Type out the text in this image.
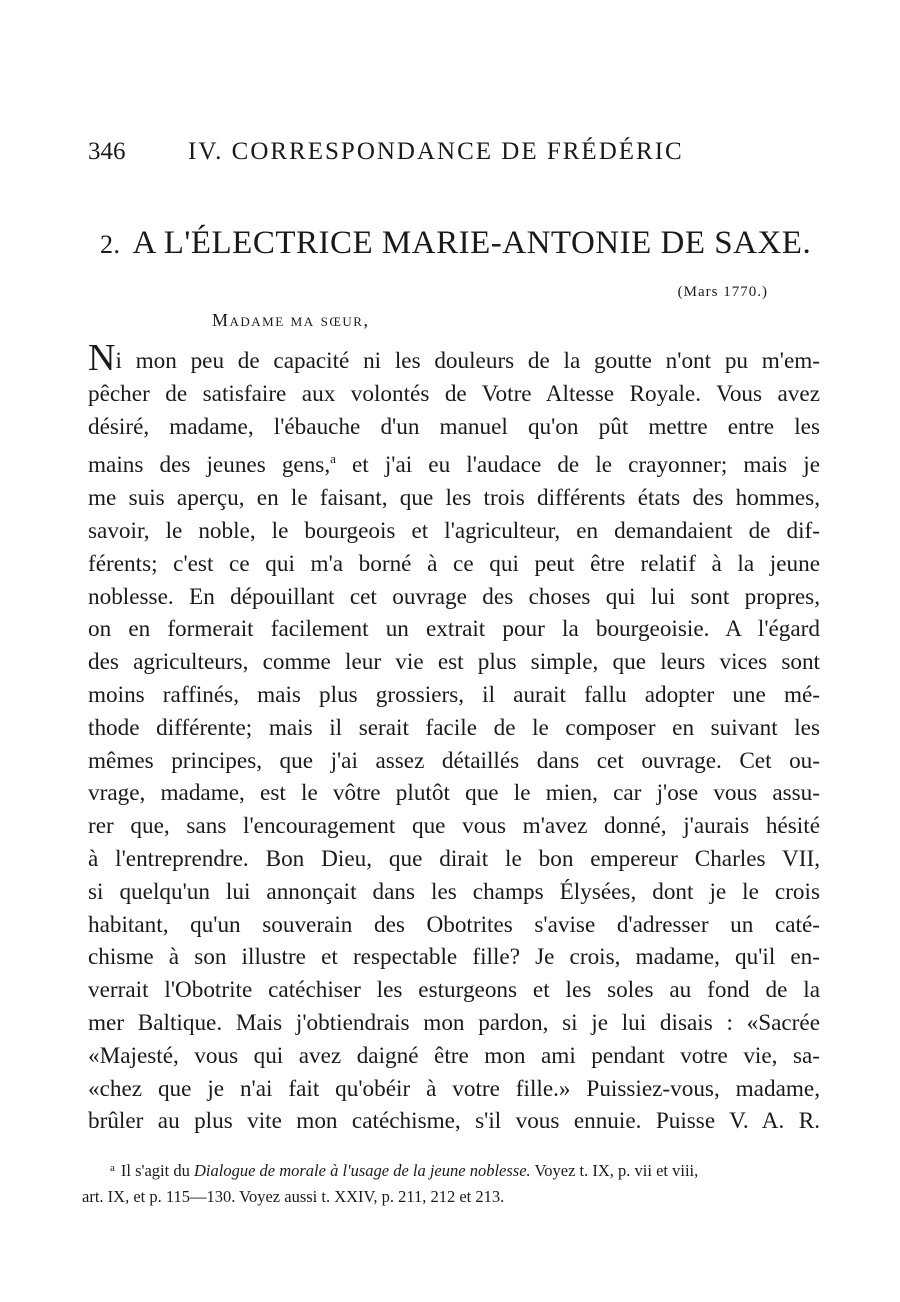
346	IV. CORRESPONDANCE DE FRÉDÉRIC
2. A L'ÉLECTRICE MARIE-ANTONIE DE SAXE.
(Mars 1770.)
Madame ma sœur,
Ni mon peu de capacité ni les douleurs de la goutte n'ont pu m'em-
pêcher de satisfaire aux volontés de Votre Altesse Royale. Vous avez
désiré, madame, l'ébauche d'un manuel qu'on pût mettre entre les
mains des jeunes gens,$^a$ et j'ai eu l'audace de le crayonner; mais je
me suis aperçu, en le faisant, que les trois différents états des hommes,
savoir, le noble, le bourgeois et l'agriculteur, en demandaient de dif-
férents; c'est ce qui m'a borné à ce qui peut être relatif à la jeune
noblesse. En dépouillant cet ouvrage des choses qui lui sont propres,
on en formerait facilement un extrait pour la bourgeoisie. A l'égard
des agriculteurs, comme leur vie est plus simple, que leurs vices sont
moins raffinés, mais plus grossiers, il aurait fallu adopter une mé-
thode différente; mais il serait facile de le composer en suivant les
mêmes principes, que j'ai assez détaillés dans cet ouvrage. Cet ou-
vrage, madame, est le vôtre plutôt que le mien, car j'ose vous assu-
rer que, sans l'encouragement que vous m'avez donné, j'aurais hésité
à l'entreprendre. Bon Dieu, que dirait le bon empereur Charles VII,
si quelqu'un lui annonçait dans les champs Élysées, dont je le crois
habitant, qu'un souverain des Obotrites s'avise d'adresser un caté-
chisme à son illustre et respectable fille? Je crois, madame, qu'il en-
verrait l'Obotrite catéchiser les esturgeons et les soles au fond de la
mer Baltique. Mais j'obtiendrais mon pardon, si je lui disais : «Sacrée
«Majesté, vous qui avez daigné être mon ami pendant votre vie, sa-
«chez que je n'ai fait qu'obéir à votre fille.» Puissiez-vous, madame,
brûler au plus vite mon catéchisme, s'il vous ennuie. Puisse V. A. R.
$^a$ Il s'agit du Dialogue de morale à l'usage de la jeune noblesse. Voyez t. IX, p. vii et viii,
art. IX, et p. 115—130. Voyez aussi t. XXIV, p. 211, 212 et 213.
